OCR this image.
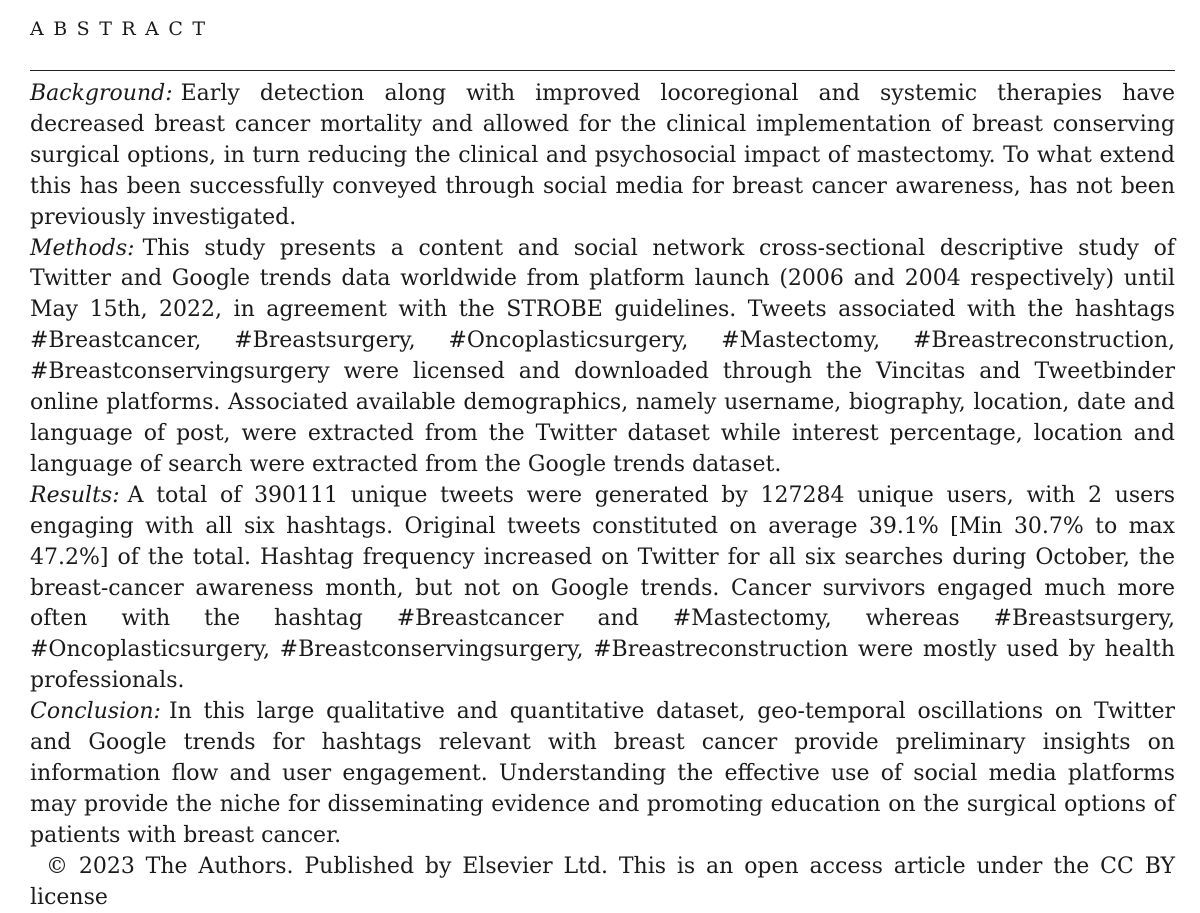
ABSTRACT

Background: Early detection along with improved locoregional and systemic therapies have decreased breast cancer mortality and allowed for the clinical implementation of breast conserving surgical options, in turn reducing the clinical and psychosocial impact of mastectomy. To what extend this has been successfully conveyed through social media for breast cancer awareness, has not been previously investigated.

Methods: This study presents a content and social network cross-sectional descriptive study of Twitter and Google trends data worldwide from platform launch (2006 and 2004 respectively) until May 15th, 2022, in agreement with the STROBE guidelines. Tweets associated with the hashtags #Breastcancer, #Breastsurgery, #Oncoplasticsurgery, #Mastectomy, #Breastreconstruction, #Breastconservingsurgery were licensed and downloaded through the Vincitas and Tweetbinder online platforms. Associated available demographics, namely username, biography, location, date and language of post, were extracted from the Twitter dataset while interest percentage, location and language of search were extracted from the Google trends dataset.

Results: A total of 390111 unique tweets were generated by 127284 unique users, with 2 users engaging with all six hashtags. Original tweets constituted on average 39.1% [Min 30.7% to max 47.2%] of the total. Hashtag frequency increased on Twitter for all six searches during October, the breast-cancer awareness month, but not on Google trends. Cancer survivors engaged much more often with the hashtag #Breastcancer and #Mastectomy, whereas #Breastsurgery, #Oncoplasticsurgery, #Breastconservingsurgery, #Breastreconstruction were mostly used by health professionals.

Conclusion: In this large qualitative and quantitative dataset, geo-temporal oscillations on Twitter and Google trends for hashtags relevant with breast cancer provide preliminary insights on information flow and user engagement. Understanding the effective use of social media platforms may provide the niche for disseminating evidence and promoting education on the surgical options of patients with breast cancer.

© 2023 The Authors. Published by Elsevier Ltd. This is an open access article under the CC BY license
